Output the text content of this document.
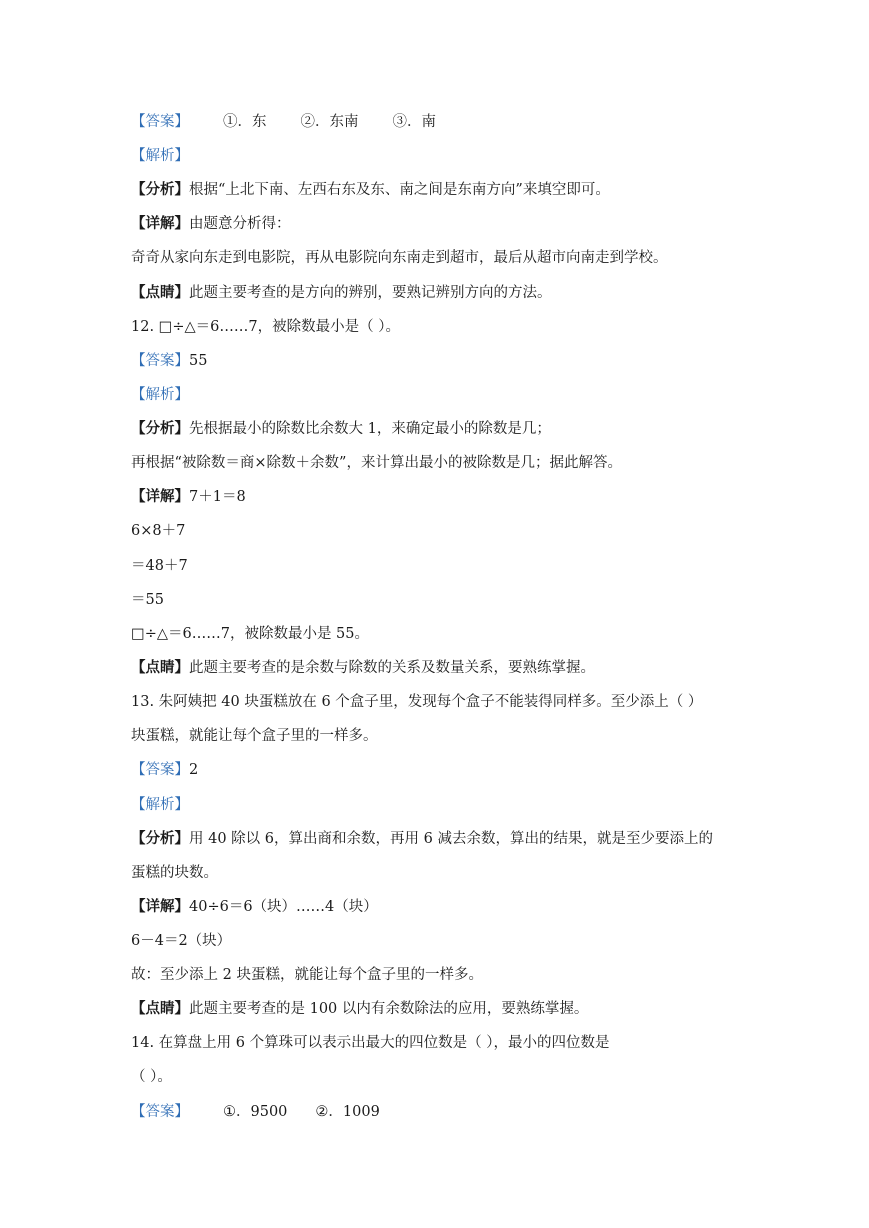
【答案】 ①．东 ②．东南 ③．南
【解析】
【分析】根据“上北下南、左西右东及东、南之间是东南方向”来填空即可。
【详解】由题意分析得：
奇奇从家向东走到电影院，再从电影院向东南走到超市，最后从超市向南走到学校。
【点睛】此题主要考查的是方向的辨别，要熟记辨别方向的方法。
12. □÷△＝6……7，被除数最小是（ ）。
【答案】55
【解析】
【分析】先根据最小的除数比余数大 1，来确定最小的除数是几；
再根据“被除数＝商×除数＋余数”，来计算出最小的被除数是几；据此解答。
【详解】7＋1＝8
6×8＋7
＝48＋7
＝55
□÷△＝6……7，被除数最小是 55。
【点睛】此题主要考查的是余数与除数的关系及数量关系，要熟练掌握。
13. 朱阿姨把 40 块蛋糕放在 6 个盒子里，发现每个盒子不能装得同样多。至少添上（ ）
块蛋糕，就能让每个盒子里的一样多。
【答案】2
【解析】
【分析】用 40 除以 6，算出商和余数，再用 6 减去余数，算出的结果，就是至少要添上的
蛋糕的块数。
【详解】40÷6＝6（块）……4（块）
6－4＝2（块）
故：至少添上 2 块蛋糕，就能让每个盒子里的一样多。
【点睛】此题主要考查的是 100 以内有余数除法的应用，要熟练掌握。
14. 在算盘上用 6 个算珠可以表示出最大的四位数是（ ），最小的四位数是
（ ）。
【答案】 ①．9500 ②．1009
